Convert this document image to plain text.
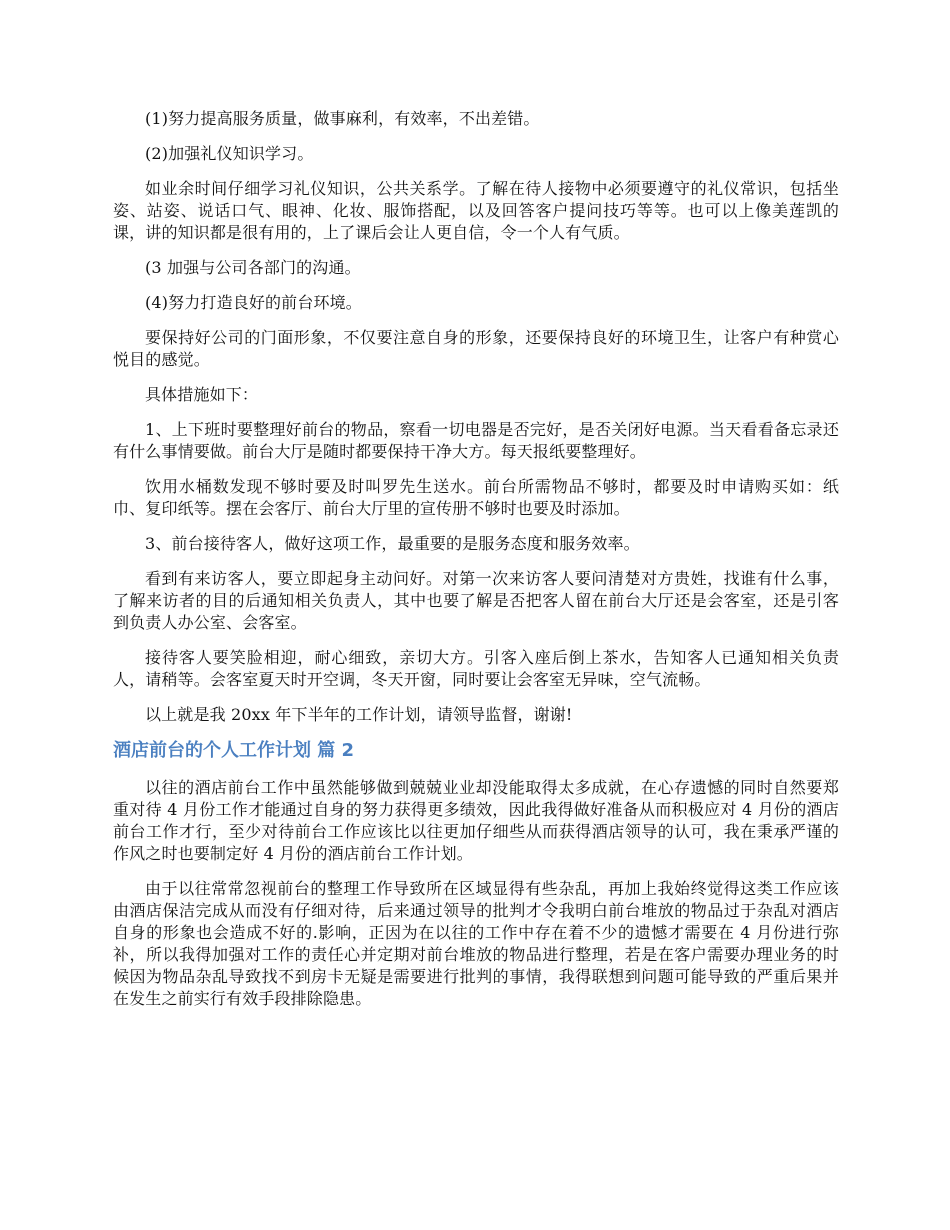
(1)努力提高服务质量，做事麻利，有效率，不出差错。

(2)加强礼仪知识学习。

如业余时间仔细学习礼仪知识，公共关系学。了解在待人接物中必须要遵守的礼仪常识，包括坐姿、站姿、说话口气、眼神、化妆、服饰搭配，以及回答客户提问技巧等等。也可以上像美莲凯的课，讲的知识都是很有用的，上了课后会让人更自信，令一个人有气质。

(3 加强与公司各部门的沟通。

(4)努力打造良好的前台环境。

要保持好公司的门面形象，不仅要注意自身的形象，还要保持良好的环境卫生，让客户有种赏心悦目的感觉。

具体措施如下：

1、上下班时要整理好前台的物品，察看一切电器是否完好，是否关闭好电源。当天看看备忘录还有什么事情要做。前台大厅是随时都要保持干净大方。每天报纸要整理好。

饮用水桶数发现不够时要及时叫罗先生送水。前台所需物品不够时，都要及时申请购买如：纸巾、复印纸等。摆在会客厅、前台大厅里的宣传册不够时也要及时添加。

3、前台接待客人，做好这项工作，最重要的是服务态度和服务效率。

看到有来访客人，要立即起身主动问好。对第一次来访客人要问清楚对方贵姓，找谁有什么事，了解来访者的目的后通知相关负责人，其中也要了解是否把客人留在前台大厅还是会客室，还是引客到负责人办公室、会客室。

接待客人要笑脸相迎，耐心细致，亲切大方。引客入座后倒上茶水，告知客人已通知相关负责人，请稍等。会客室夏天时开空调，冬天开窗，同时要让会客室无异味，空气流畅。

以上就是我 20xx 年下半年的工作计划，请领导监督，谢谢!

酒店前台的个人工作计划 篇 2

以往的酒店前台工作中虽然能够做到兢兢业业却没能取得太多成就，在心存遗憾的同时自然要郑重对待 4 月份工作才能通过自身的努力获得更多绩效，因此我得做好准备从而积极应对 4 月份的酒店前台工作才行，至少对待前台工作应该比以往更加仔细些从而获得酒店领导的认可，我在秉承严谨的作风之时也要制定好 4 月份的酒店前台工作计划。

由于以往常常忽视前台的整理工作导致所在区域显得有些杂乱，再加上我始终觉得这类工作应该由酒店保洁完成从而没有仔细对待，后来通过领导的批判才令我明白前台堆放的物品过于杂乱对酒店自身的形象也会造成不好的.影响，正因为在以往的工作中存在着不少的遗憾才需要在 4 月份进行弥补，所以我得加强对工作的责任心并定期对前台堆放的物品进行整理，若是在客户需要办理业务的时候因为物品杂乱导致找不到房卡无疑是需要进行批判的事情，我得联想到问题可能导致的严重后果并在发生之前实行有效手段排除隐患。
